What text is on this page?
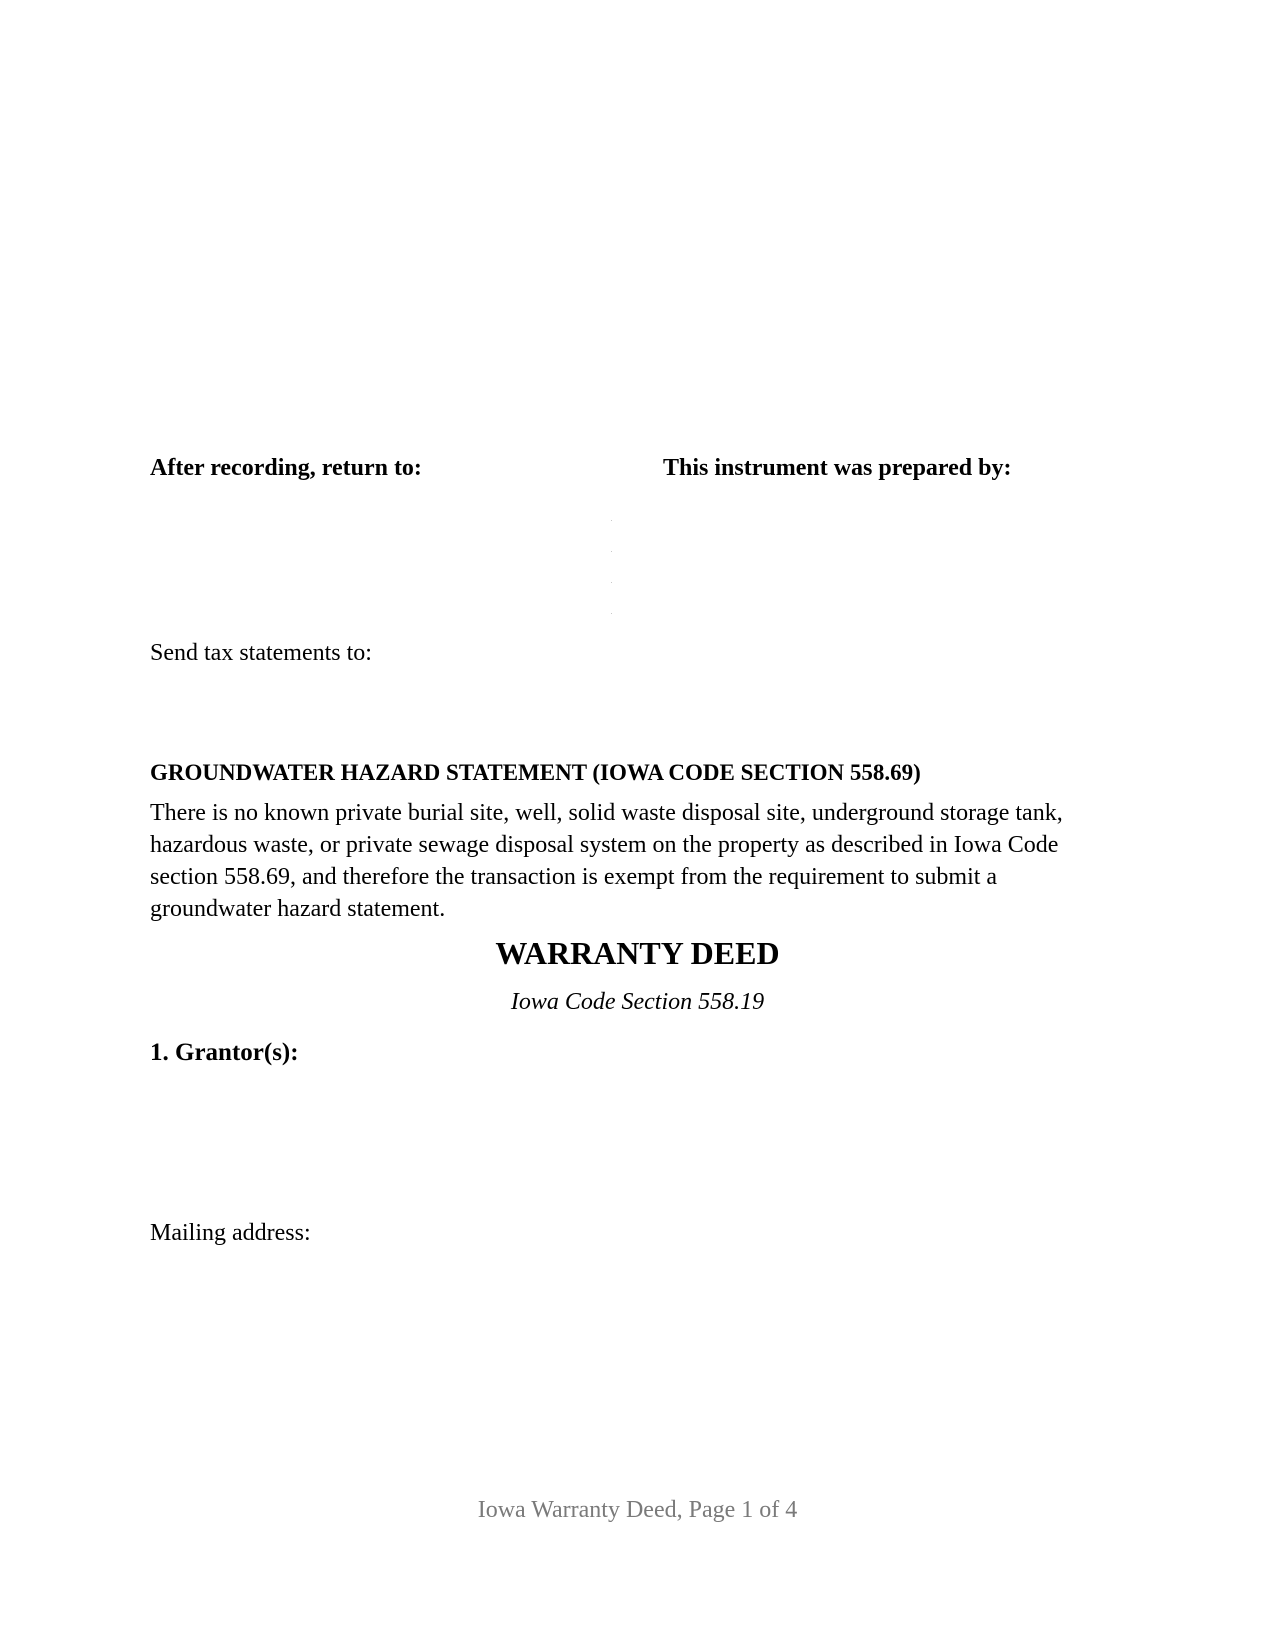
After recording, return to:	This instrument was prepared by:
Send tax statements to:
GROUNDWATER HAZARD STATEMENT (IOWA CODE SECTION 558.69)
There is no known private burial site, well, solid waste disposal site, underground storage tank, hazardous waste, or private sewage disposal system on the property as described in Iowa Code section 558.69, and therefore the transaction is exempt from the requirement to submit a groundwater hazard statement.
WARRANTY DEED
Iowa Code Section 558.19
1. Grantor(s):
Mailing address:
Iowa Warranty Deed, Page 1 of 4
